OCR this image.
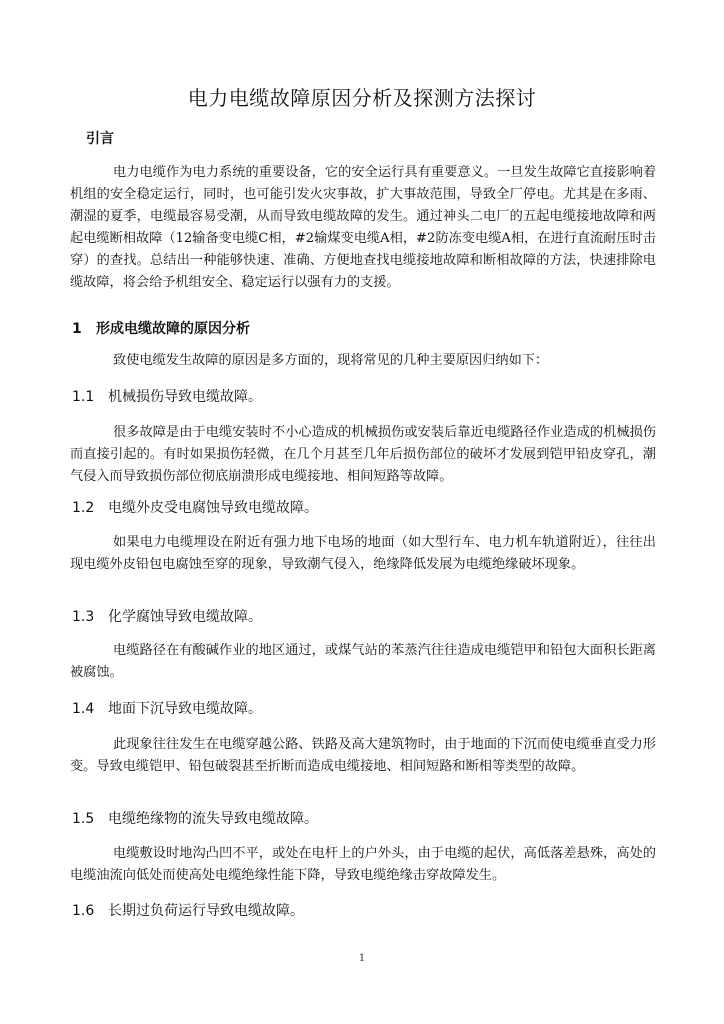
电力电缆故障原因分析及探测方法探讨
引言
电力电缆作为电力系统的重要设备，它的安全运行具有重要意义。一旦发生故障它直接影响着机组的安全稳定运行，同时，也可能引发火灾事故，扩大事故范围，导致全厂停电。尤其是在多雨、潮湿的夏季，电缆最容易受潮，从而导致电缆故障的发生。通过神头二电厂的五起电缆接地故障和两起电缆断相故障（12输备变电缆C相，#2输煤变电缆A相，#2防冻变电缆A相，在进行直流耐压时击穿）的查找。总结出一种能够快速、准确、方便地查找电缆接地故障和断相故障的方法，快速排除电缆故障，将会给予机组安全、稳定运行以强有力的支援。
1 形成电缆故障的原因分析
致使电缆发生故障的原因是多方面的，现将常见的几种主要原因归纳如下：
1.1 机械损伤导致电缆故障。
很多故障是由于电缆安装时不小心造成的机械损伤或安装后靠近电缆路径作业造成的机械损伤而直接引起的。有时如果损伤轻微，在几个月甚至几年后损伤部位的破坏才发展到铠甲铅皮穿孔，潮气侵入而导致损伤部位彻底崩溃形成电缆接地、相间短路等故障。
1.2 电缆外皮受电腐蚀导致电缆故障。
如果电力电缆埋设在附近有强力地下电场的地面（如大型行车、电力机车轨道附近），往往出现电缆外皮铅包电腐蚀至穿的现象，导致潮气侵入，绝缘降低发展为电缆绝缘破坏现象。
1.3 化学腐蚀导致电缆故障。
电缆路径在有酸碱作业的地区通过，或煤气站的苯蒸汽往往造成电缆铠甲和铅包大面积长距离被腐蚀。
1.4 地面下沉导致电缆故障。
此现象往往发生在电缆穿越公路、铁路及高大建筑物时，由于地面的下沉而使电缆垂直受力形变。导致电缆铠甲、铅包破裂甚至折断而造成电缆接地、相间短路和断相等类型的故障。
1.5 电缆绝缘物的流失导致电缆故障。
电缆敷设时地沟凸凹不平，或处在电杆上的户外头，由于电缆的起伏，高低落差悬殊，高处的电缆油流向低处而使高处电缆绝缘性能下降，导致电缆绝缘击穿故障发生。
1.6 长期过负荷运行导致电缆故障。
1
